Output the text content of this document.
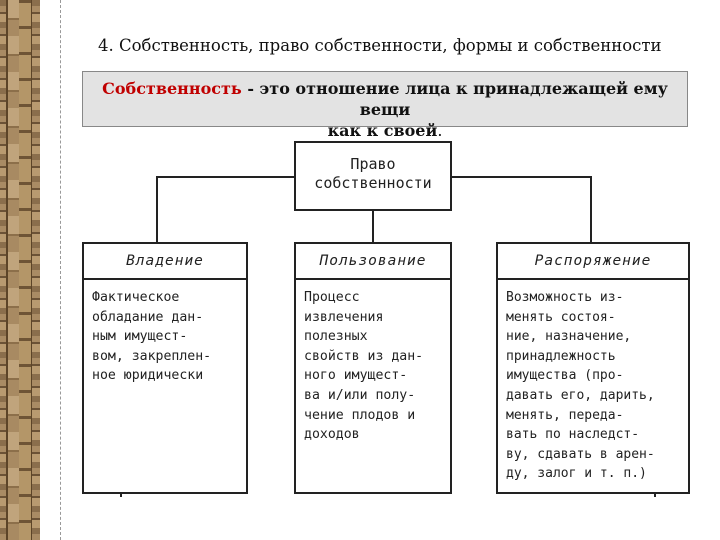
4. Собственность, право собственности, формы и собственности
Собственность - это отношение лица к принадлежащей ему вещи
как к своей.
Право
собственности
Владение
Фактическое
обладание дан-
ным имущест-
вом, закреплен-
ное юридически
Пользование
Процесс
извлечения
полезных
свойств из дан-
ного имущест-
ва и/или полу-
чение плодов и
доходов
Распоряжение
Возможность из-
менять состоя-
ние, назначение,
принадлежность
имущества (про-
давать его, дарить,
менять, переда-
вать по наследст-
ву, сдавать в арен-
ду, залог и т. п.)
